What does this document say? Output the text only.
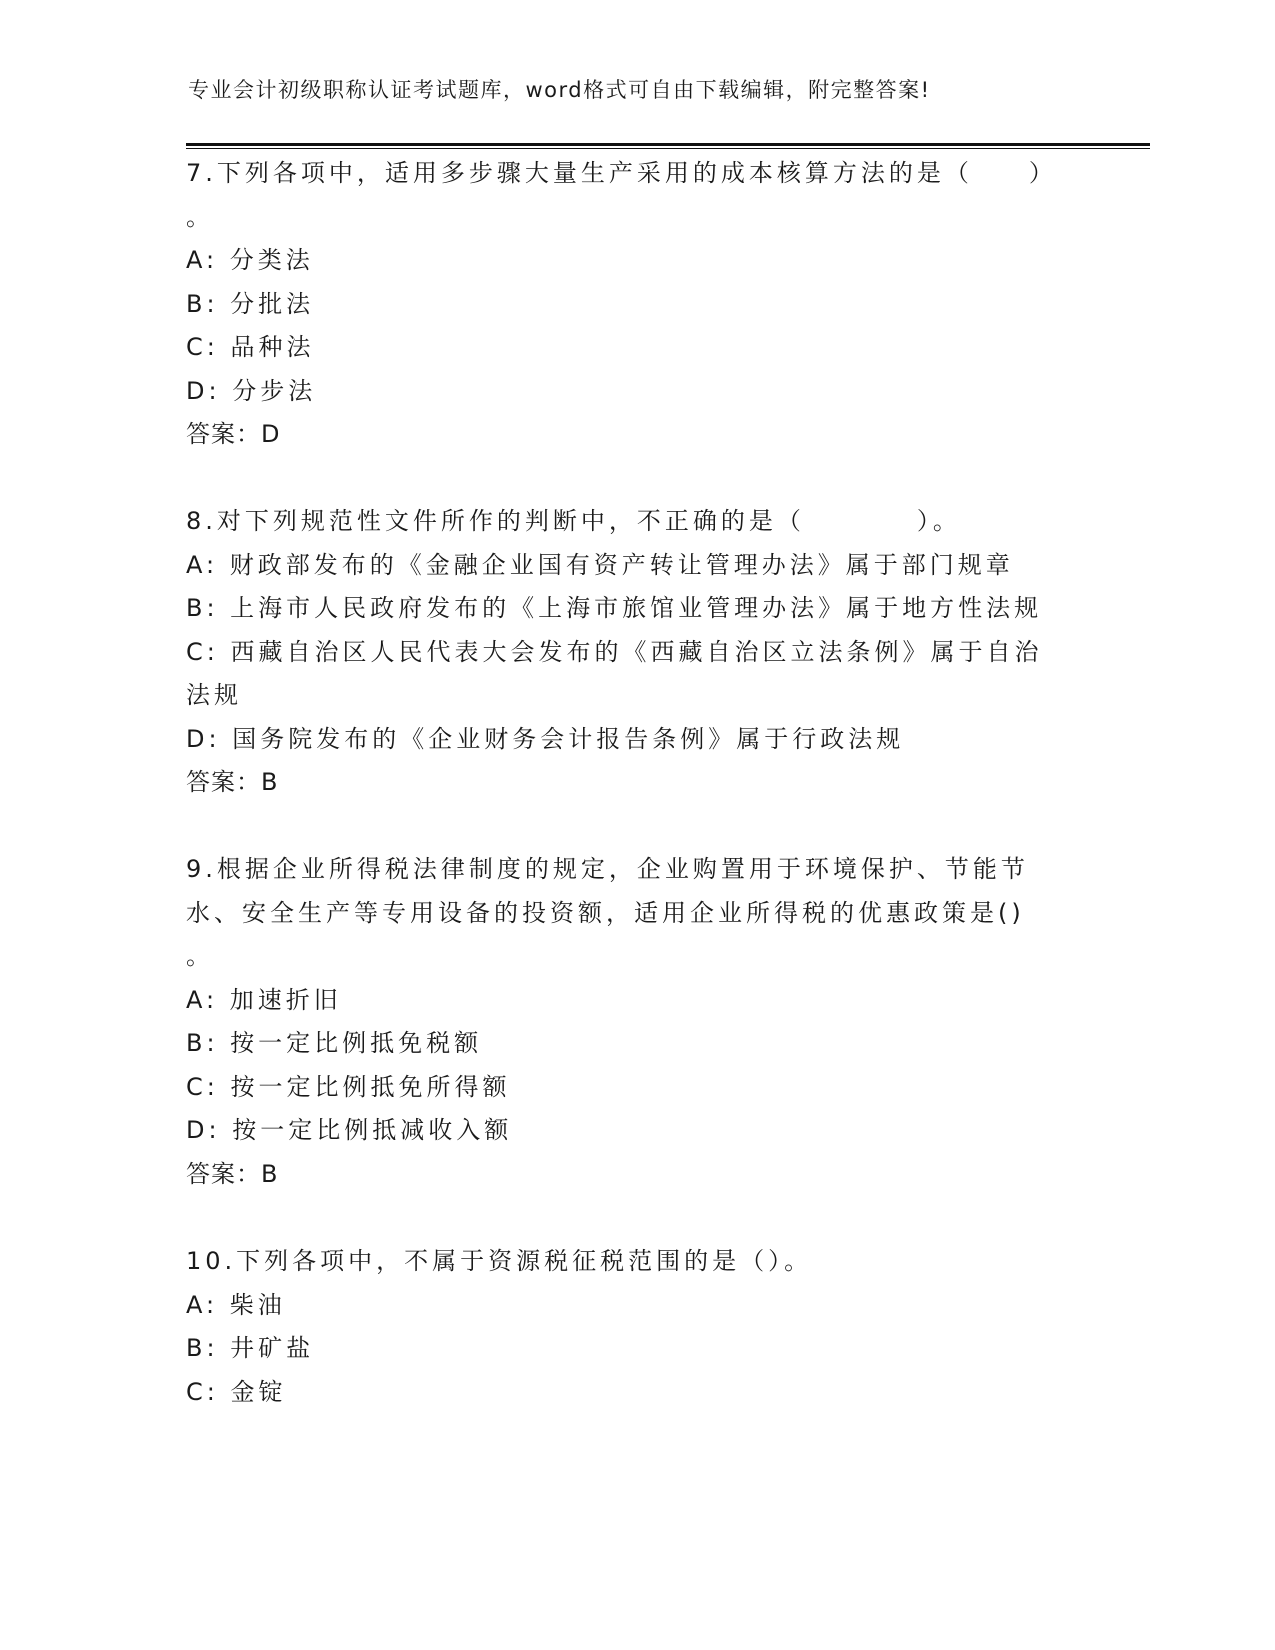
专业会计初级职称认证考试题库，word格式可自由下载编辑，附完整答案!
7.下列各项中，适用多步骤大量生产采用的成本核算方法的是（　　）
。
A: 分类法
B: 分批法
C: 品种法
D: 分步法
答案：D
8.对下列规范性文件所作的判断中，不正确的是（　　　　）。
A: 财政部发布的《金融企业国有资产转让管理办法》属于部门规章
B: 上海市人民政府发布的《上海市旅馆业管理办法》属于地方性法规
C: 西藏自治区人民代表大会发布的《西藏自治区立法条例》属于自治
法规
D: 国务院发布的《企业财务会计报告条例》属于行政法规
答案：B
9.根据企业所得税法律制度的规定，企业购置用于环境保护、节能节
水、安全生产等专用设备的投资额，适用企业所得税的优惠政策是()
。
A: 加速折旧
B: 按一定比例抵免税额
C: 按一定比例抵免所得额
D: 按一定比例抵减收入额
答案：B
10.下列各项中，不属于资源税征税范围的是（）。
A: 柴油
B: 井矿盐
C: 金锭
